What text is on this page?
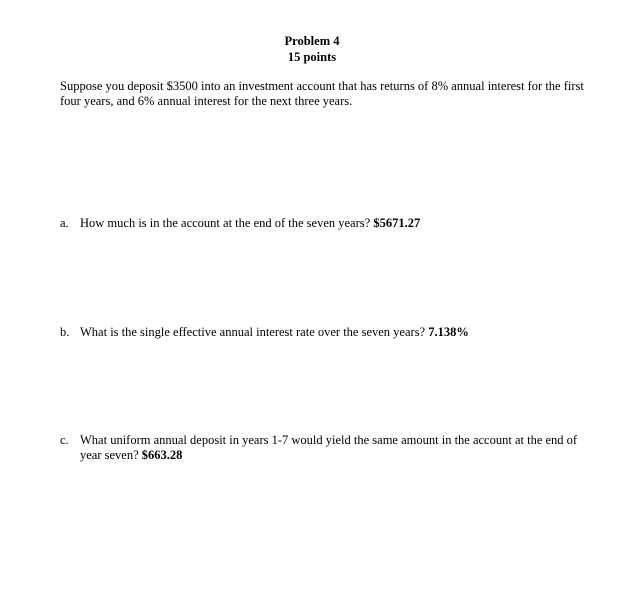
Problem 4
15 points
Suppose you deposit $3500 into an investment account that has returns of 8% annual interest for the first four years, and 6% annual interest for the next three years.
a. How much is in the account at the end of the seven years? $5671.27
b. What is the single effective annual interest rate over the seven years? 7.138%
c. What uniform annual deposit in years 1-7 would yield the same amount in the account at the end of year seven? $663.28
